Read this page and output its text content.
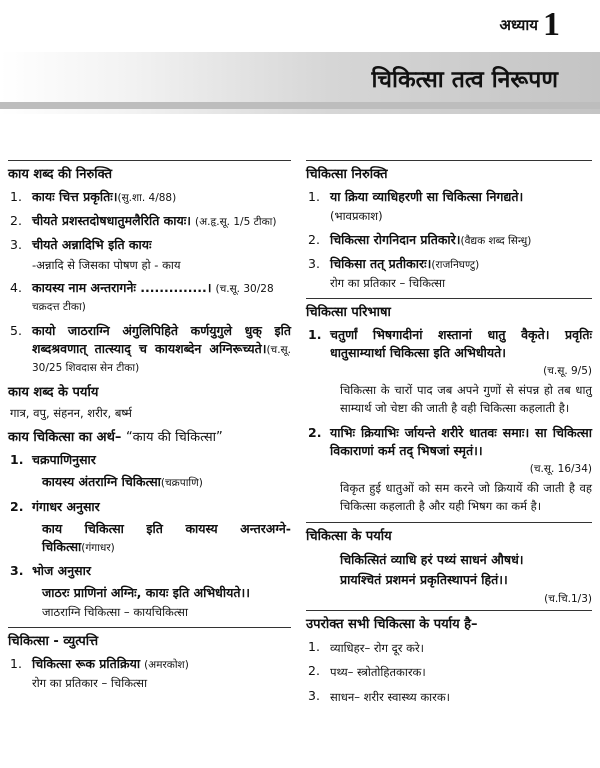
अध्याय 1
चिकित्सा तत्व निरूपण
काय शब्द की निरुक्ति
1. कायः चित्त प्रकृतिः।(सु.शा. 4/88)
2. चीयते प्रशस्तदोषधातुमलैरिति कायः। (अ.हृ.सू. 1/5 टीका)
3. चीयते अन्नादिभि इति कायः
-अन्नादि से जिसका पोषण हो - काय
4. कायस्य नाम अन्तरागनेः ..............। (च.सू. 30/28 चक्रदत्त टीका)
5. कायो जाठराग्नि अंगुलिपिहिते कर्णयुगुले धुक् इति शब्दश्रवणात् तात्स्याद् च कायशब्देन अग्निरूच्यते।(च.सू. 30/25 शिवदास सेन टीका)
काय शब्द के पर्याय
गात्र, वपु, संहनन, शरीर, बर्ष्म
काय चिकित्सा का अर्थ– “काय की चिकित्सा”
1. चक्रपाणिनुसार
कायस्य अंतराग्नि चिकित्सा(चक्रपाणि)
2. गंगाधर अनुसार
काय चिकित्सा इति कायस्य अन्तरअग्ने-चिकित्सा(गंगाधर)
3. भोज अनुसार
जाठरः प्राणिनां अग्निः, कायः इति अभिधीयते।।
जाठराग्नि चिकित्सा – कायचिकित्सा
चिकित्सा - व्युत्पत्ति
1. चिकित्सा रूक प्रतिक्रिया (अमरकोश)
रोग का प्रतिकार – चिकित्सा
चिकित्सा निरुक्ति
1. या क्रिया व्याधिहरणी सा चिकित्सा निगद्यते।
(भावप्रकाश)
2. चिकित्सा रोगनिदान प्रतिकारे।(वैद्यक शब्द सिन्धु)
3. चिकिसा तत् प्रतीकारः।(राजनिघण्टु)
रोग का प्रतिकार – चिकित्सा
चिकित्सा परिभाषा
1. चतुर्णां भिषगादीनां शस्तानां धातु वैकृते। प्रवृतिः धातुसाम्यार्था चिकित्सा इति अभिधीयते।
(च.सू. 9/5)
चिकित्सा के चारों पाद जब अपने गुणों से संपन्न हो तब धातु साम्यार्थ जो चेष्टा की जाती है वही चिकित्सा कहलाती है।
2. याभिः क्रियाभिः र्जायन्ते शरीरे धातवः समाः। सा चिकित्सा विकाराणां कर्म तद् भिषजां स्मृतं।।
(च.सू. 16/34)
विकृत हुई धातुओं को सम करने जो क्रियायें की जाती है वह चिकित्सा कहलाती है और यही भिषग का कर्म है।
चिकित्सा के पर्याय
चिकित्सितं व्याधि हरं पथ्यं साधनं औषधं।
प्रायश्चितं प्रशमनं प्रकृतिस्थापनं हितं।।
(च.चि.1/3)
उपरोक्त सभी चिकित्सा के पर्याय है–
1. व्याधिहर– रोग दूर करे।
2. पथ्य– स्त्रोतोहितकारक।
3. साधन– शरीर स्वास्थ्य कारक।
